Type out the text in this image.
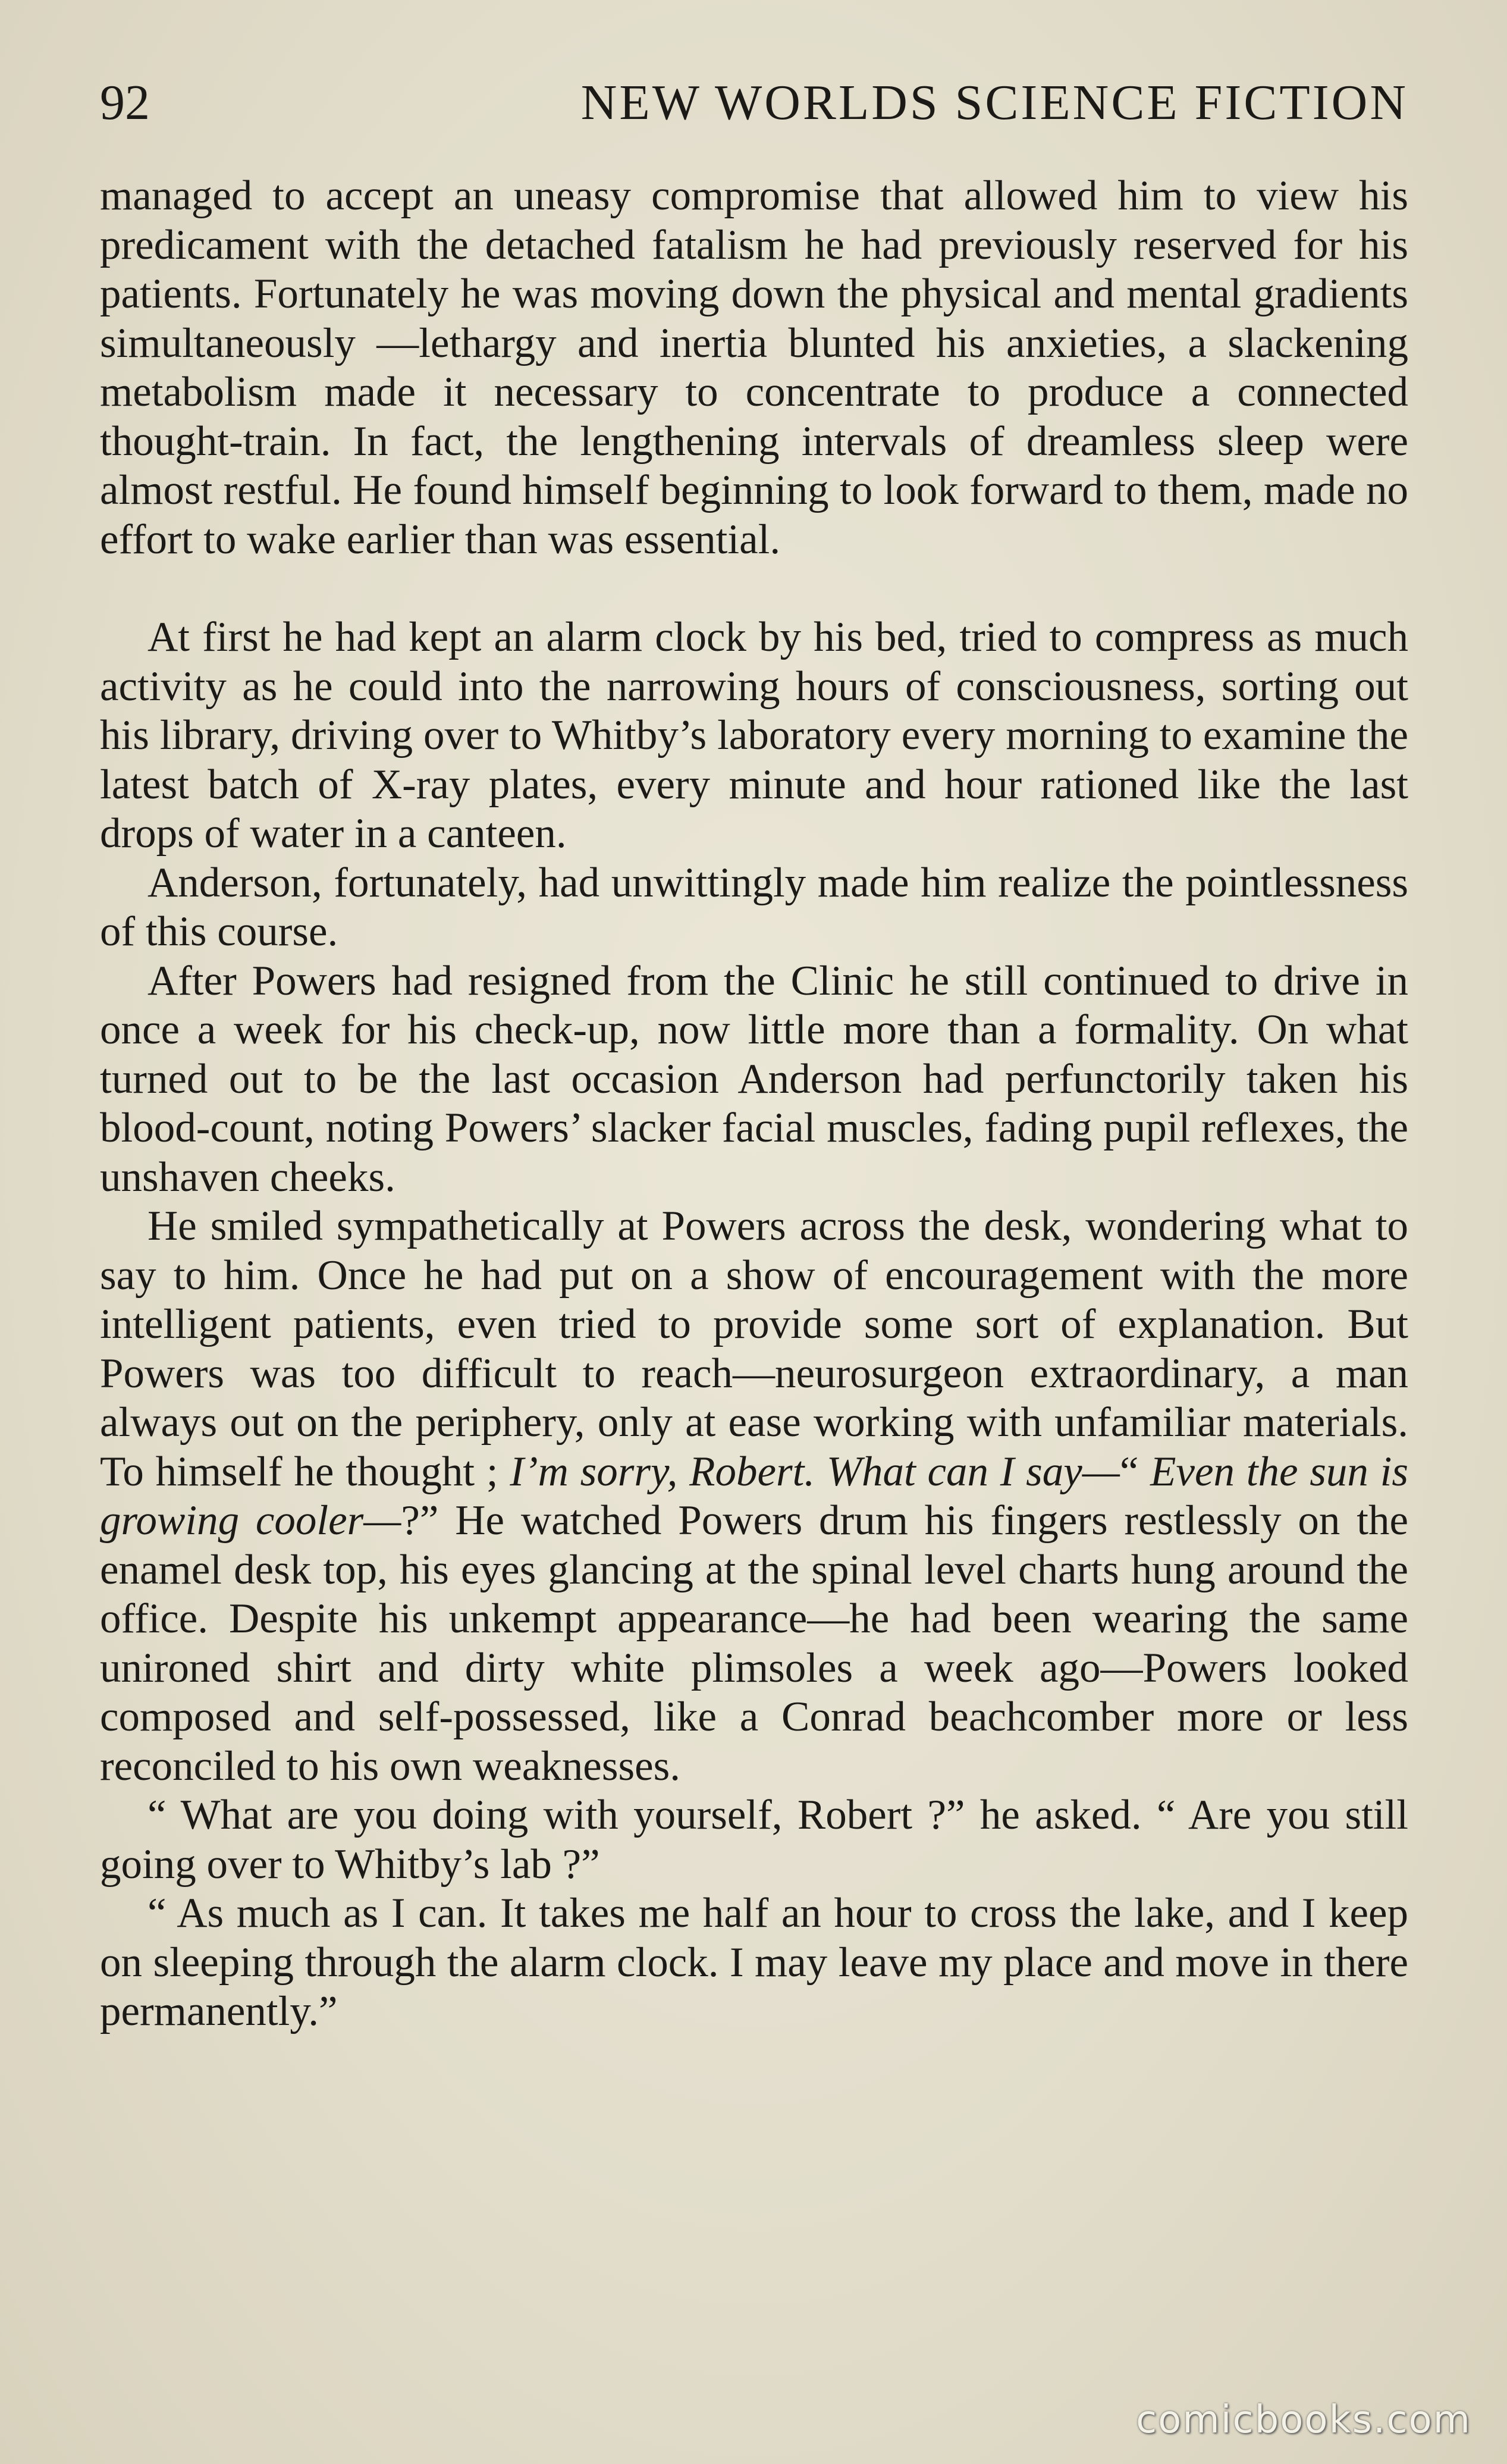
92	NEW WORLDS SCIENCE FICTION

managed to accept an uneasy compromise that allowed him to view his predicament with the detached fatalism he had previously reserved for his patients. Fortunately he was moving down the physical and mental gradients simultaneously —lethargy and inertia blunted his anxieties, a slackening metabolism made it necessary to concentrate to produce a connected thought-train. In fact, the lengthening intervals of dreamless sleep were almost restful. He found himself beginning to look forward to them, made no effort to wake earlier than was essential.

At first he had kept an alarm clock by his bed, tried to compress as much activity as he could into the narrowing hours of consciousness, sorting out his library, driving over to Whitby’s laboratory every morning to examine the latest batch of X-ray plates, every minute and hour rationed like the last drops of water in a canteen.

Anderson, fortunately, had unwittingly made him realize the pointlessness of this course.

After Powers had resigned from the Clinic he still continued to drive in once a week for his check-up, now little more than a formality. On what turned out to be the last occasion Anderson had perfunctorily taken his blood-count, noting Powers’ slacker facial muscles, fading pupil reflexes, the unshaven cheeks.

He smiled sympathetically at Powers across the desk, wondering what to say to him. Once he had put on a show of encouragement with the more intelligent patients, even tried to provide some sort of explanation. But Powers was too difficult to reach—neurosurgeon extraordinary, a man always out on the periphery, only at ease working with unfamiliar materials. To himself he thought ; I’m sorry, Robert. What can I say—“ Even the sun is growing cooler—?” He watched Powers drum his fingers restlessly on the enamel desk top, his eyes glancing at the spinal level charts hung around the office. Despite his unkempt appearance—he had been wearing the same unironed shirt and dirty white plimsoles a week ago—Powers looked composed and self-possessed, like a Conrad beachcomber more or less reconciled to his own weaknesses.

“ What are you doing with yourself, Robert ?” he asked. “ Are you still going over to Whitby’s lab ?”

“ As much as I can. It takes me half an hour to cross the lake, and I keep on sleeping through the alarm clock. I may leave my place and move in there permanently.”

comicbooks.com
